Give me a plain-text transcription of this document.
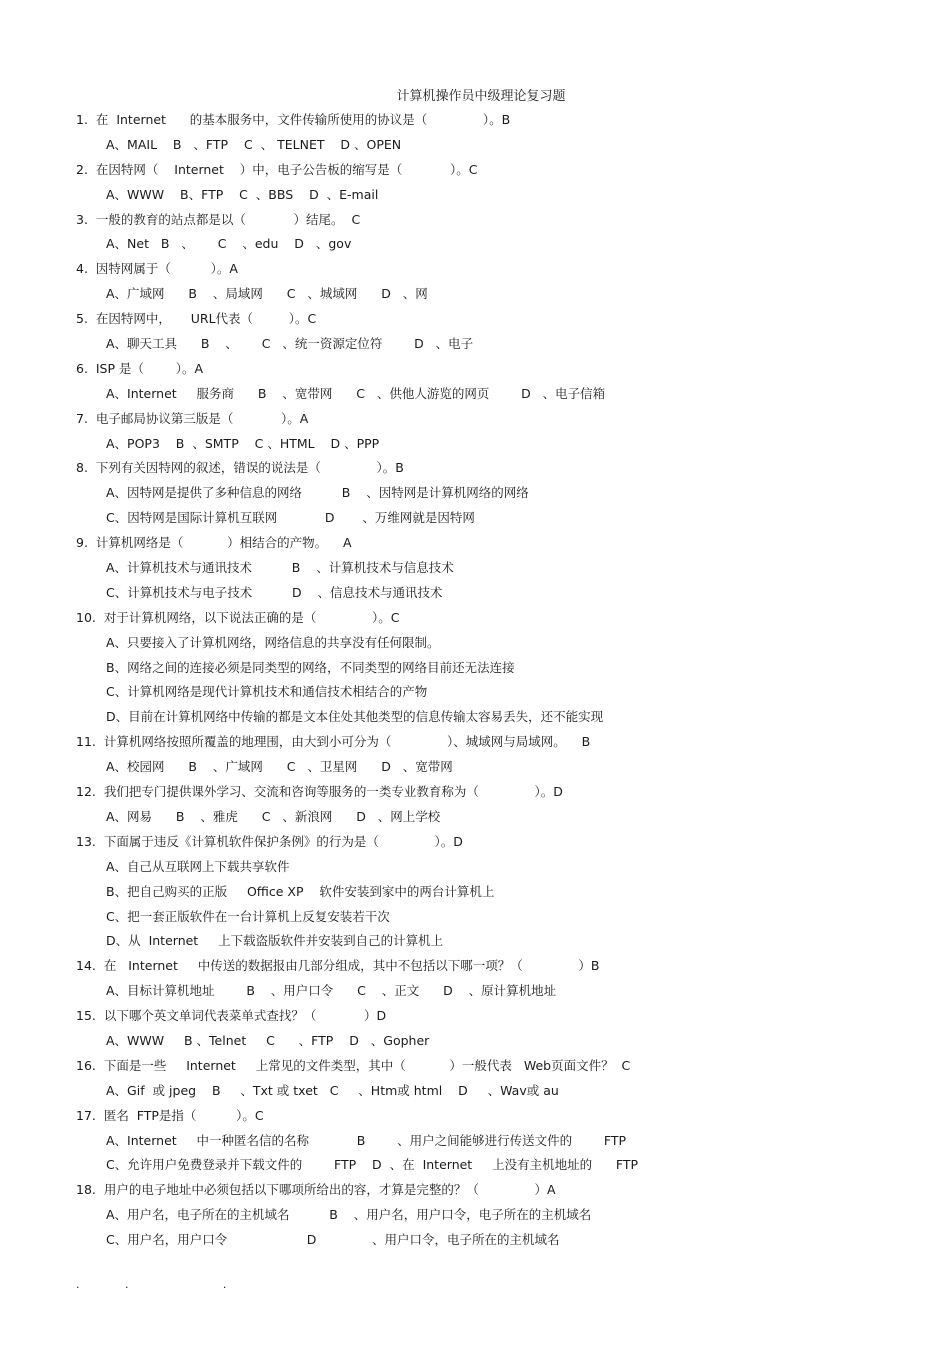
计算机操作员中级理论复习题
1.  在  Internet      的基本服务中，文件传输所使用的协议是（              ）。B
A、MAIL    B   、FTP    C  、 TELNET    D 、OPEN
2.  在因特网（    Internet    ）中，电子公告板的缩写是（            ）。C
A、WWW    B、FTP    C  、BBS    D  、E-mail
3.  一般的教育的站点都是以（            ）结尾。  C
A、Net   B   、      C    、edu    D   、gov
4.  因特网属于（          ）。A
A、广域网      B    、局域网      C   、城域网      D   、网
5.  在因特网中，     URL代表（         ）。C
A、聊天工具      B    、      C   、统一资源定位符        D   、电子
6.  ISP 是（        ）。A
A、Internet     服务商      B    、宽带网      C   、供他人游览的网页        D   、电子信箱
7.  电子邮局协议第三版是（            ）。A
A、POP3    B  、SMTP    C 、HTML    D 、PPP
8.  下列有关因特网的叙述，错误的说法是（              ）。B
A、因特网是提供了多种信息的网络          B    、因特网是计算机网络的网络
C、因特网是国际计算机互联网            D       、万维网就是因特网
9.  计算机网络是（           ）相结合的产物。    A
A、计算机技术与通讯技术          B    、计算机技术与信息技术
C、计算机技术与电子技术          D    、信息技术与通讯技术
10.  对于计算机网络，以下说法正确的是（              ）。C
A、只要接入了计算机网络，网络信息的共享没有任何限制。
B、网络之间的连接必须是同类型的网络，不同类型的网络目前还无法连接
C、计算机网络是现代计算机技术和通信技术相结合的产物
D、目前在计算机网络中传输的都是文本住处其他类型的信息传输太容易丢失，还不能实现
11.  计算机网络按照所覆盖的地理围，由大到小可分为（              ）、城域网与局域网。    B
A、校园网      B    、广域网      C   、卫星网      D   、宽带网
12.  我们把专门提供课外学习、交流和咨询等服务的一类专业教育称为（              ）。D
A、网易      B    、雅虎      C   、新浪网      D   、网上学校
13.  下面属于违反《计算机软件保护条例》的行为是（              ）。D
A、自己从互联网上下载共享软件
B、把自己购买的正版     Office XP    软件安装到家中的两台计算机上
C、把一套正版软件在一台计算机上反复安装若干次
D、从  Internet     上下载盗版软件并安装到自己的计算机上
14.  在   Internet     中传送的数据报由几部分组成，其中不包括以下哪一项？（              ）B
A、目标计算机地址        B    、用户口令      C    、正文      D    、原计算机地址
15.  以下哪个英文单词代表菜单式查找？（            ）D
A、WWW     B 、Telnet     C      、FTP    D   、Gopher
16.  下面是一些     Internet     上常见的文件类型，其中（           ）一般代表   Web页面文件？  C
A、Gif  或 jpeg    B     、Txt 或 txet   C     、Htm或 html    D     、Wav或 au
17.  匿名  FTP是指（          ）。C
A、Internet     中一种匿名信的名称            B        、用户之间能够进行传送文件的        FTP
C、允许用户免费登录并下载文件的        FTP    D  、在  Internet     上没有主机地址的      FTP
18.  用户的电子地址中必须包括以下哪项所给出的容，才算是完整的？（              ）A
A、用户名，电子所在的主机域名          B    、用户名，用户口令，电子所在的主机域名
C、用户名，用户口令                    D              、用户口令，电子所在的主机域名
.             .                           .
